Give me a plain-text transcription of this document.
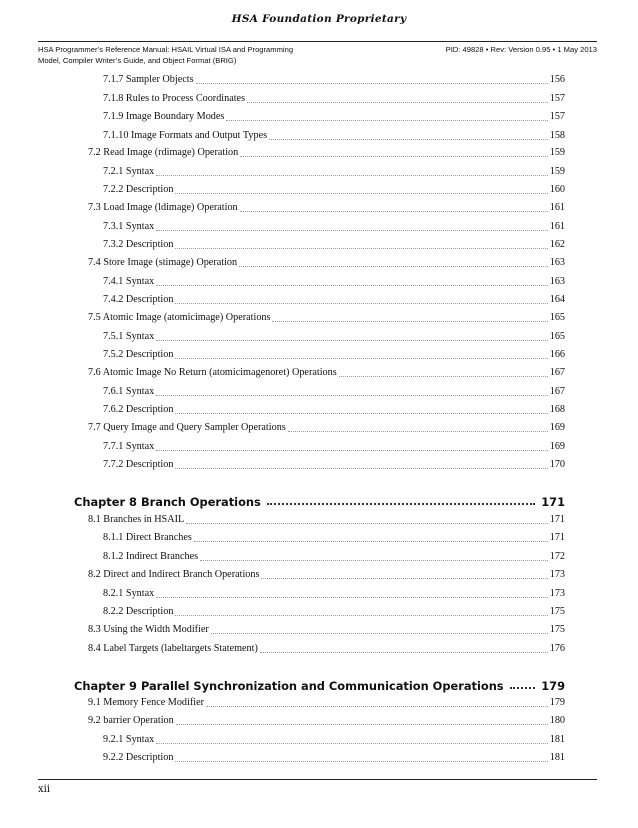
HSA Foundation Proprietary
HSA Programmer’s Reference Manual: HSAIL Virtual ISA and Programming
Model, Compiler Writer’s Guide, and Object Format (BRIG)
PID: 49828 • Rev: Version 0.95 • 1 May 2013
7.1.7 Sampler Objects	156
7.1.8 Rules to Process Coordinates	157
7.1.9 Image Boundary Modes	157
7.1.10 Image Formats and Output Types	158
7.2 Read Image (rdimage) Operation	159
7.2.1 Syntax	159
7.2.2 Description	160
7.3 Load Image (ldimage) Operation	161
7.3.1 Syntax	161
7.3.2 Description	162
7.4 Store Image (stimage) Operation	163
7.4.1 Syntax	163
7.4.2 Description	164
7.5 Atomic Image (atomicimage) Operations	165
7.5.1 Syntax	165
7.5.2 Description	166
7.6 Atomic Image No Return (atomicimagenoret) Operations	167
7.6.1 Syntax	167
7.6.2 Description	168
7.7 Query Image and Query Sampler Operations	169
7.7.1 Syntax	169
7.7.2 Description	170
Chapter 8 Branch Operations	171
8.1 Branches in HSAIL	171
8.1.1 Direct Branches	171
8.1.2 Indirect Branches	172
8.2 Direct and Indirect Branch Operations	173
8.2.1 Syntax	173
8.2.2 Description	175
8.3 Using the Width Modifier	175
8.4 Label Targets (labeltargets Statement)	176
Chapter 9 Parallel Synchronization and Communication Operations	179
9.1 Memory Fence Modifier	179
9.2 barrier Operation	180
9.2.1 Syntax	181
9.2.2 Description	181
xii
